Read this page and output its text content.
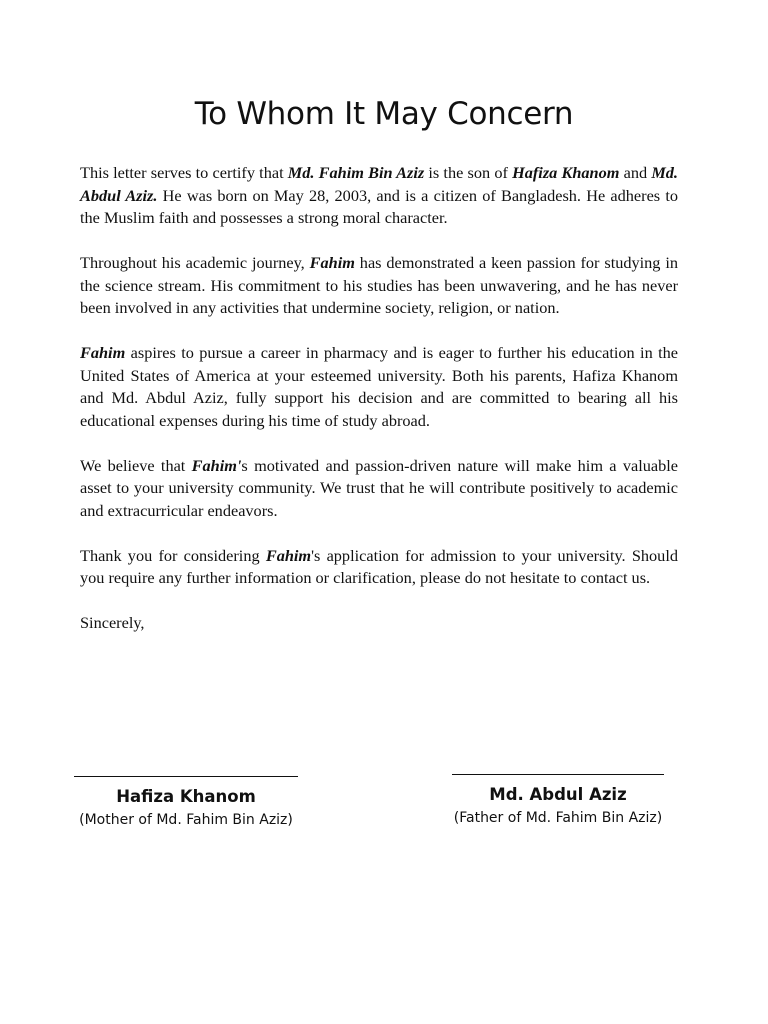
To Whom It May Concern

This letter serves to certify that Md. Fahim Bin Aziz is the son of Hafiza Khanom and Md. Abdul Aziz. He was born on May 28, 2003, and is a citizen of Bangladesh. He adheres to the Muslim faith and possesses a strong moral character.

Throughout his academic journey, Fahim has demonstrated a keen passion for studying in the science stream. His commitment to his studies has been unwavering, and he has never been involved in any activities that undermine society, religion, or nation.

Fahim aspires to pursue a career in pharmacy and is eager to further his education in the United States of America at your esteemed university. Both his parents, Hafiza Khanom and Md. Abdul Aziz, fully support his decision and are committed to bearing all his educational expenses during his time of study abroad.

We believe that Fahim's motivated and passion-driven nature will make him a valuable asset to your university community. We trust that he will contribute positively to academic and extracurricular endeavors.

Thank you for considering Fahim's application for admission to your university. Should you require any further information or clarification, please do not hesitate to contact us.

Sincerely,

Hafiza Khanom
(Mother of Md. Fahim Bin Aziz)
Md. Abdul Aziz
(Father of Md. Fahim Bin Aziz)
